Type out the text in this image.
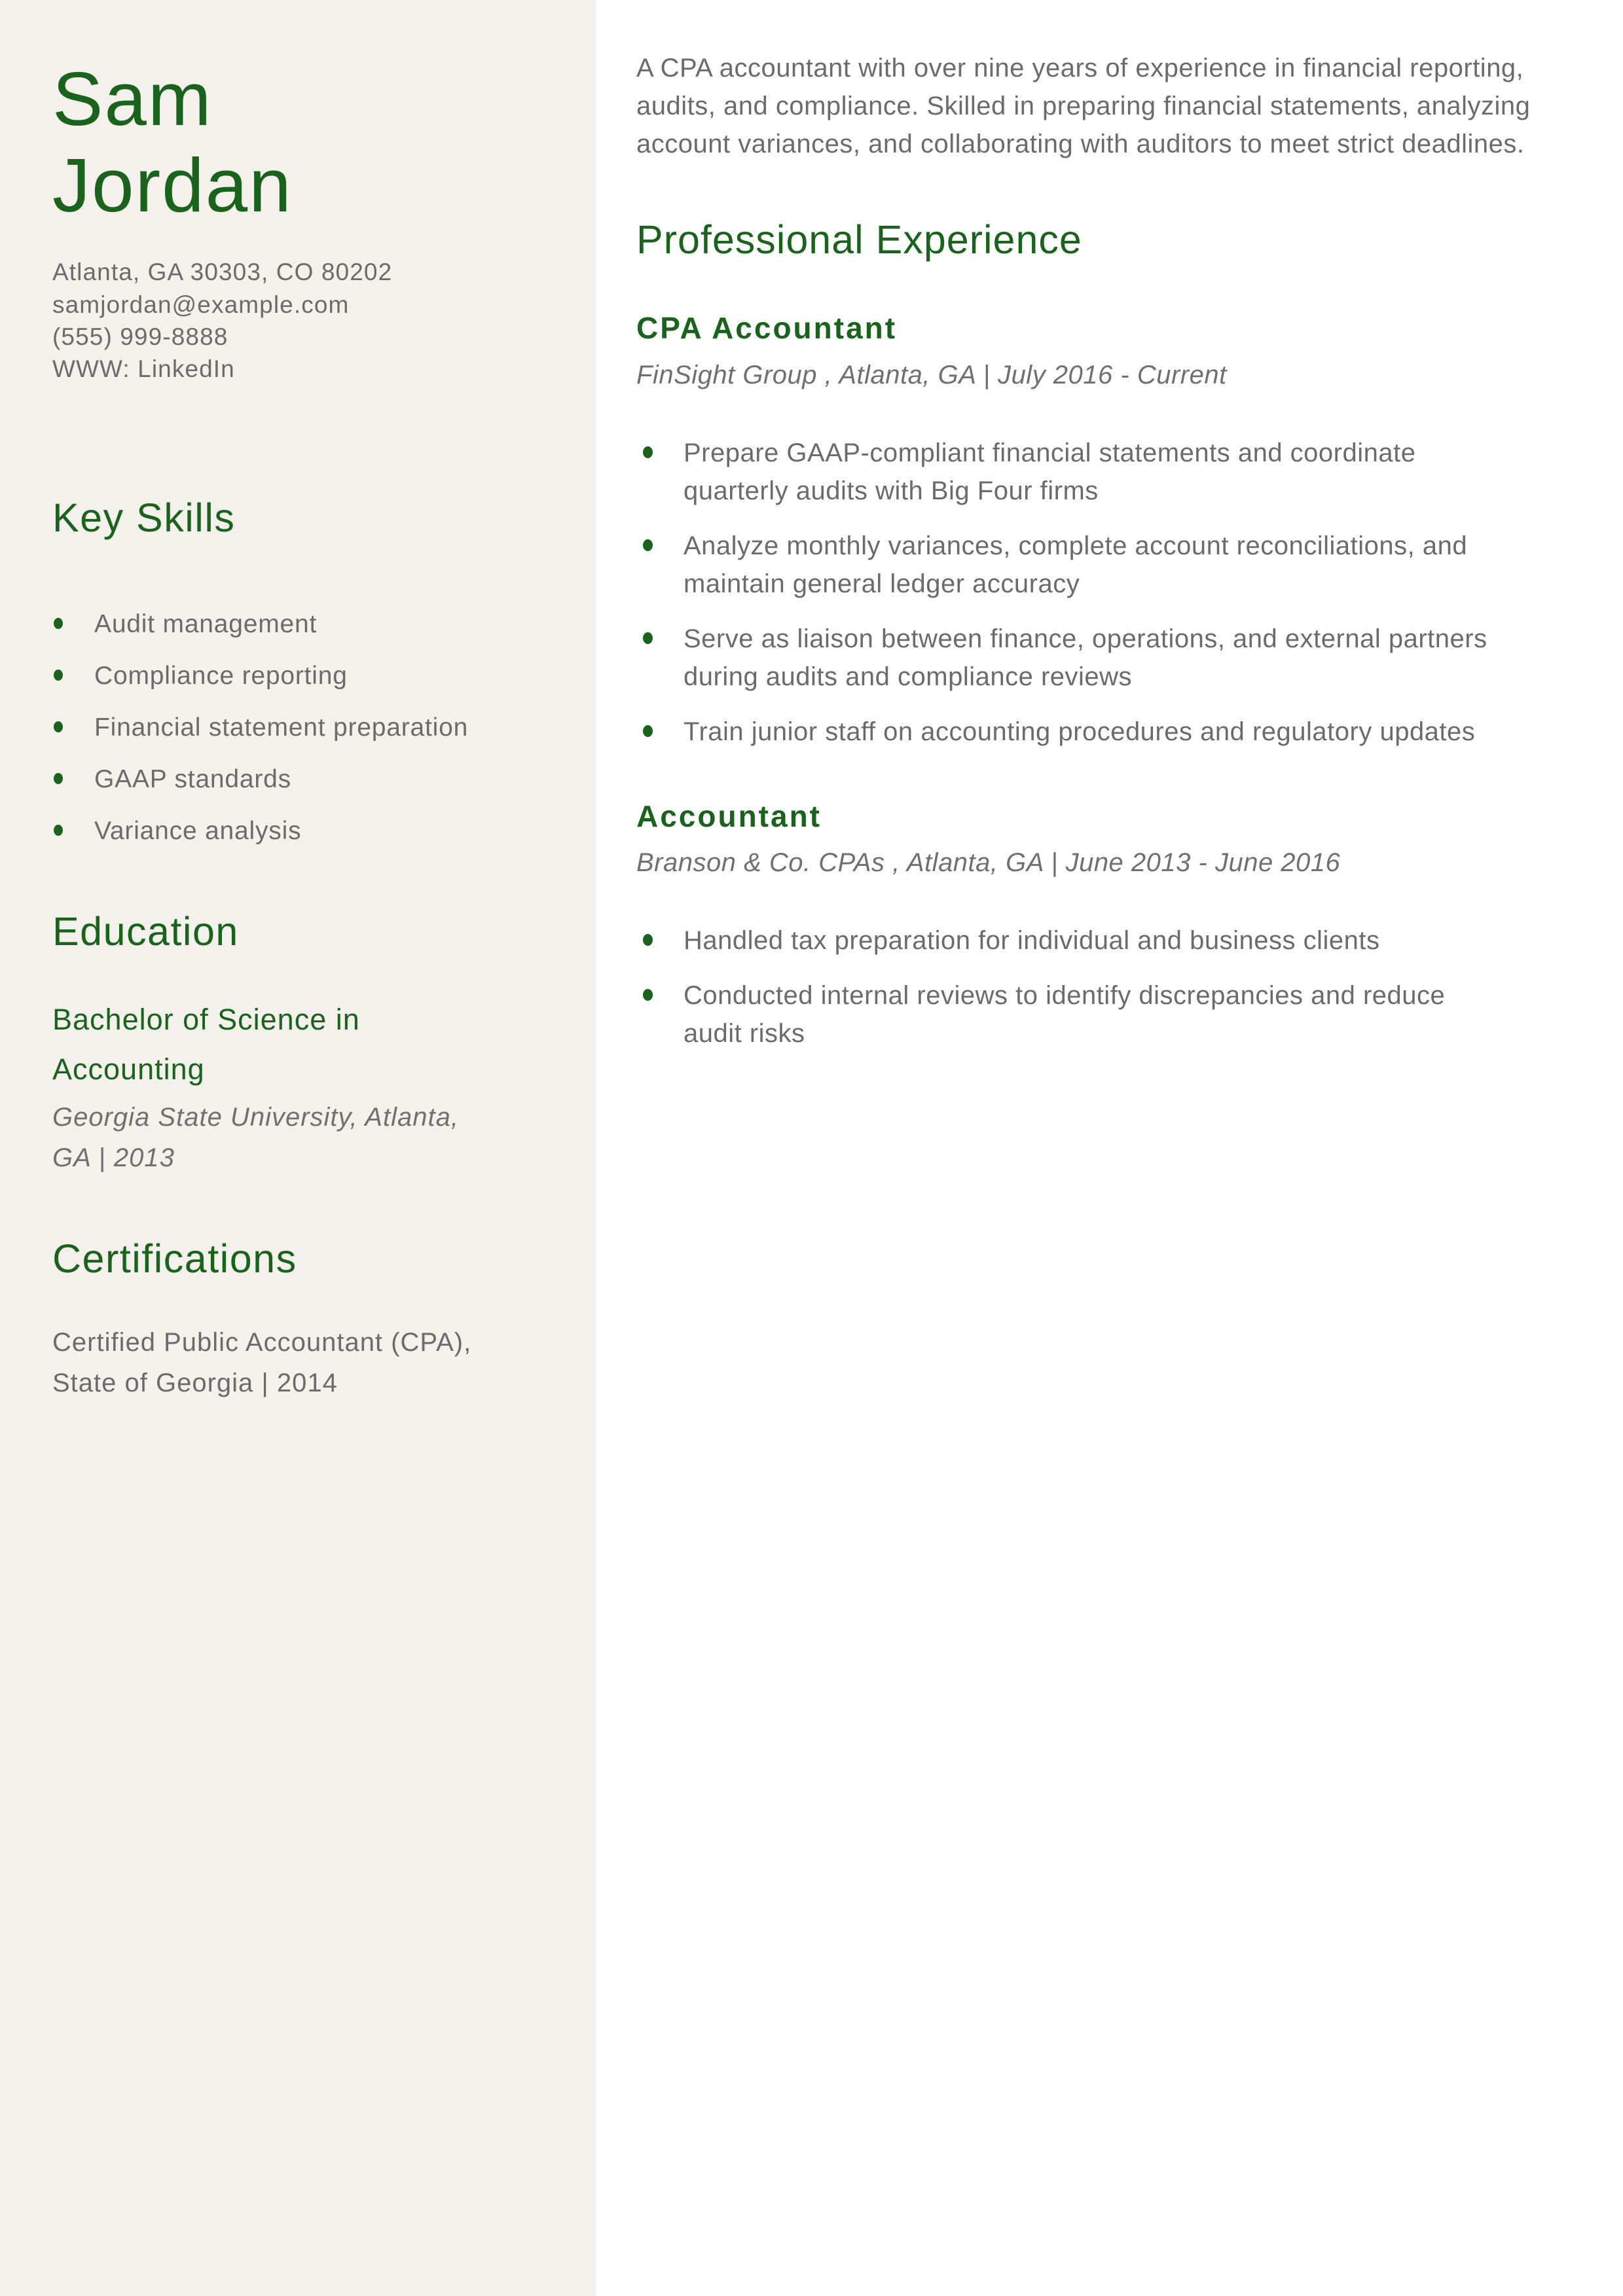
Sam
Jordan
Atlanta, GA 30303, CO 80202
samjordan@example.com
(555) 999-8888
WWW: LinkedIn
Key Skills
Audit management
Compliance reporting
Financial statement preparation
GAAP standards
Variance analysis
Education
Bachelor of Science in Accounting
Georgia State University, Atlanta, GA | 2013
Certifications
Certified Public Accountant (CPA), State of Georgia | 2014

A CPA accountant with over nine years of experience in financial reporting, audits, and compliance. Skilled in preparing financial statements, analyzing account variances, and collaborating with auditors to meet strict deadlines.

Professional Experience
CPA Accountant
FinSight Group , Atlanta, GA | July 2016 - Current
Prepare GAAP-compliant financial statements and coordinate quarterly audits with Big Four firms
Analyze monthly variances, complete account reconciliations, and maintain general ledger accuracy
Serve as liaison between finance, operations, and external partners during audits and compliance reviews
Train junior staff on accounting procedures and regulatory updates
Accountant
Branson & Co. CPAs , Atlanta, GA | June 2013 - June 2016
Handled tax preparation for individual and business clients
Conducted internal reviews to identify discrepancies and reduce audit risks
